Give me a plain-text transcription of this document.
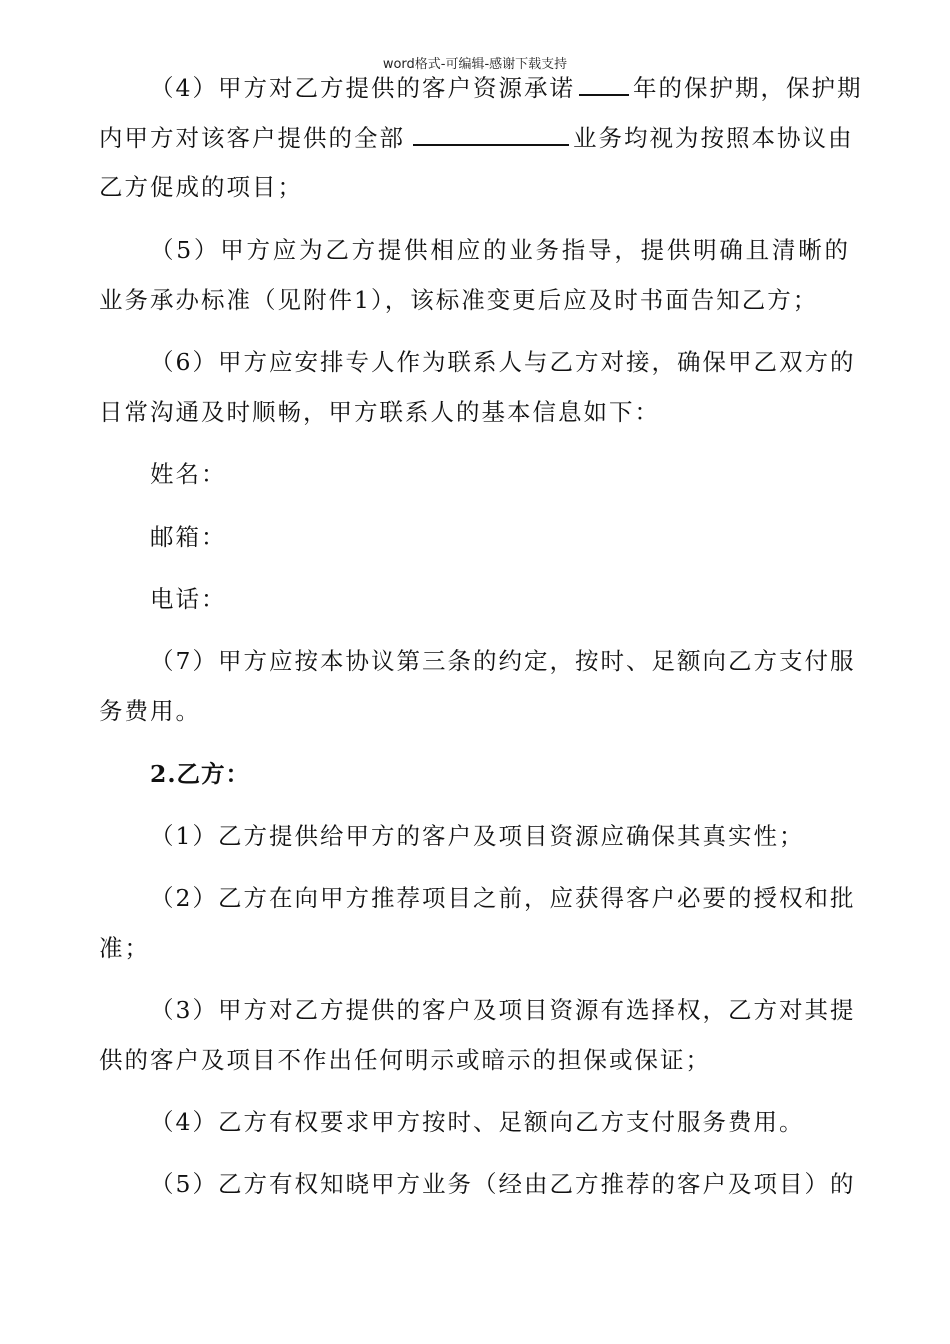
word格式-可编辑-感谢下载支持
（4）甲方对乙方提供的客户资源承诺 年的保护期，保护期
内甲方对该客户提供的全部	业务均视为按照本协议由
乙方促成的项目；
（5）甲方应为乙方提供相应的业务指导，提供明确且清晰的
业务承办标准（见附件1），该标准变更后应及时书面告知乙方；
（6）甲方应安排专人作为联系人与乙方对接，确保甲乙双方的
日常沟通及时顺畅，甲方联系人的基本信息如下：
姓名：
邮箱：
电话：
（7）甲方应按本协议第三条的约定，按时、足额向乙方支付服
务费用。
2.乙方：
（1）乙方提供给甲方的客户及项目资源应确保其真实性；
（2）乙方在向甲方推荐项目之前，应获得客户必要的授权和批
准；
（3）甲方对乙方提供的客户及项目资源有选择权，乙方对其提
供的客户及项目不作出任何明示或暗示的担保或保证；
（4）乙方有权要求甲方按时、足额向乙方支付服务费用。
（5）乙方有权知晓甲方业务（经由乙方推荐的客户及项目）的
